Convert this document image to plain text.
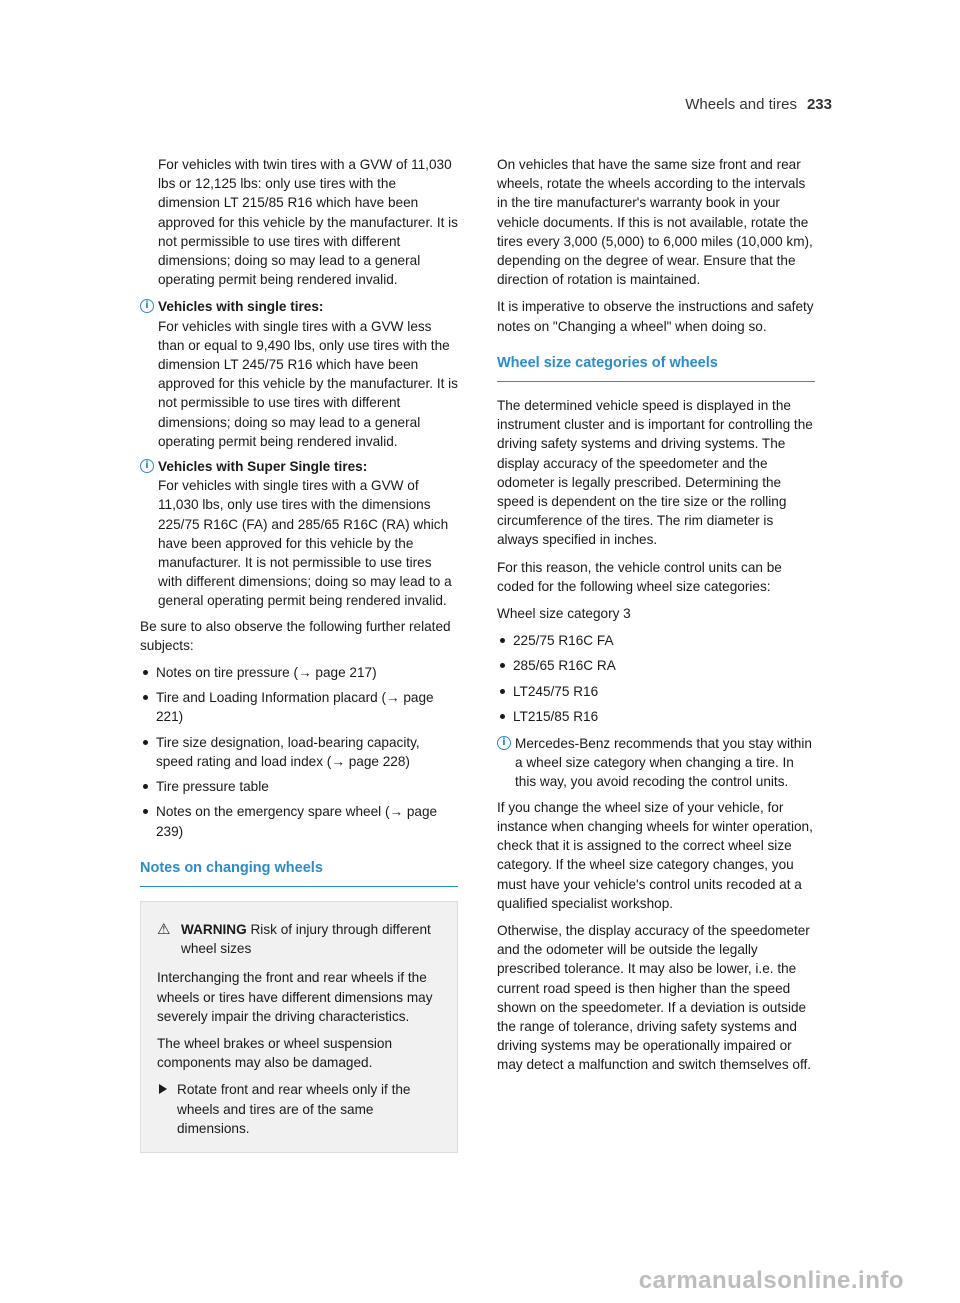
Wheels and tires 233

For vehicles with twin tires with a GVW of 11,030 lbs or 12,125 lbs: only use tires with the dimension LT 215/85 R16 which have been approved for this vehicle by the manufacturer. It is not permissible to use tires with different dimensions; doing so may lead to a general operating permit being rendered invalid.

i Vehicles with single tires:
For vehicles with single tires with a GVW less than or equal to 9,490 lbs, only use tires with the dimension LT 245/75 R16 which have been approved for this vehicle by the manufacturer. It is not permissible to use tires with different dimensions; doing so may lead to a general operating permit being rendered invalid.
i Vehicles with Super Single tires:
For vehicles with single tires with a GVW of 11,030 lbs, only use tires with the dimensions 225/75 R16C (FA) and 285/65 R16C (RA) which have been approved for this vehicle by the manufacturer. It is not permissible to use tires with different dimensions; doing so may lead to a general operating permit being rendered invalid.

Be sure to also observe the following further related subjects:

Notes on tire pressure (→ page 217)
Tire and Loading Information placard (→ page 221)
Tire size designation, load-bearing capacity, speed rating and load index (→ page 228)
Tire pressure table
Notes on the emergency spare wheel (→ page 239)
Notes on changing wheels
⚠ WARNING Risk of injury through different wheel sizes

Interchanging the front and rear wheels if the wheels or tires have different dimensions may severely impair the driving characteristics.

The wheel brakes or wheel suspension components may also be damaged.

Rotate front and rear wheels only if the wheels and tires are of the same dimensions.

On vehicles that have the same size front and rear wheels, rotate the wheels according to the intervals in the tire manufacturer's warranty book in your vehicle documents. If this is not available, rotate the tires every 3,000 (5,000) to 6,000 miles (10,000 km), depending on the degree of wear. Ensure that the direction of rotation is maintained.

It is imperative to observe the instructions and safety notes on "Changing a wheel" when doing so.

Wheel size categories of wheels

The determined vehicle speed is displayed in the instrument cluster and is important for controlling the driving safety systems and driving systems. The display accuracy of the speedometer and the odometer is legally prescribed. Determining the speed is dependent on the tire size or the rolling circumference of the tires. The rim diameter is always specified in inches.

For this reason, the vehicle control units can be coded for the following wheel size categories:

Wheel size category 3

225/75 R16C FA
285/65 R16C RA
LT245/75 R16
LT215/85 R16
i Mercedes-Benz recommends that you stay within a wheel size category when changing a tire. In this way, you avoid recoding the control units.

If you change the wheel size of your vehicle, for instance when changing wheels for winter operation, check that it is assigned to the correct wheel size category. If the wheel size category changes, you must have your vehicle's control units recoded at a qualified specialist workshop.

Otherwise, the display accuracy of the speedometer and the odometer will be outside the legally prescribed tolerance. It may also be lower, i.e. the current road speed is then higher than the speed shown on the speedometer. If a deviation is outside the range of tolerance, driving safety systems and driving systems may be operationally impaired or may detect a malfunction and switch themselves off.

carmanualsonline.info
